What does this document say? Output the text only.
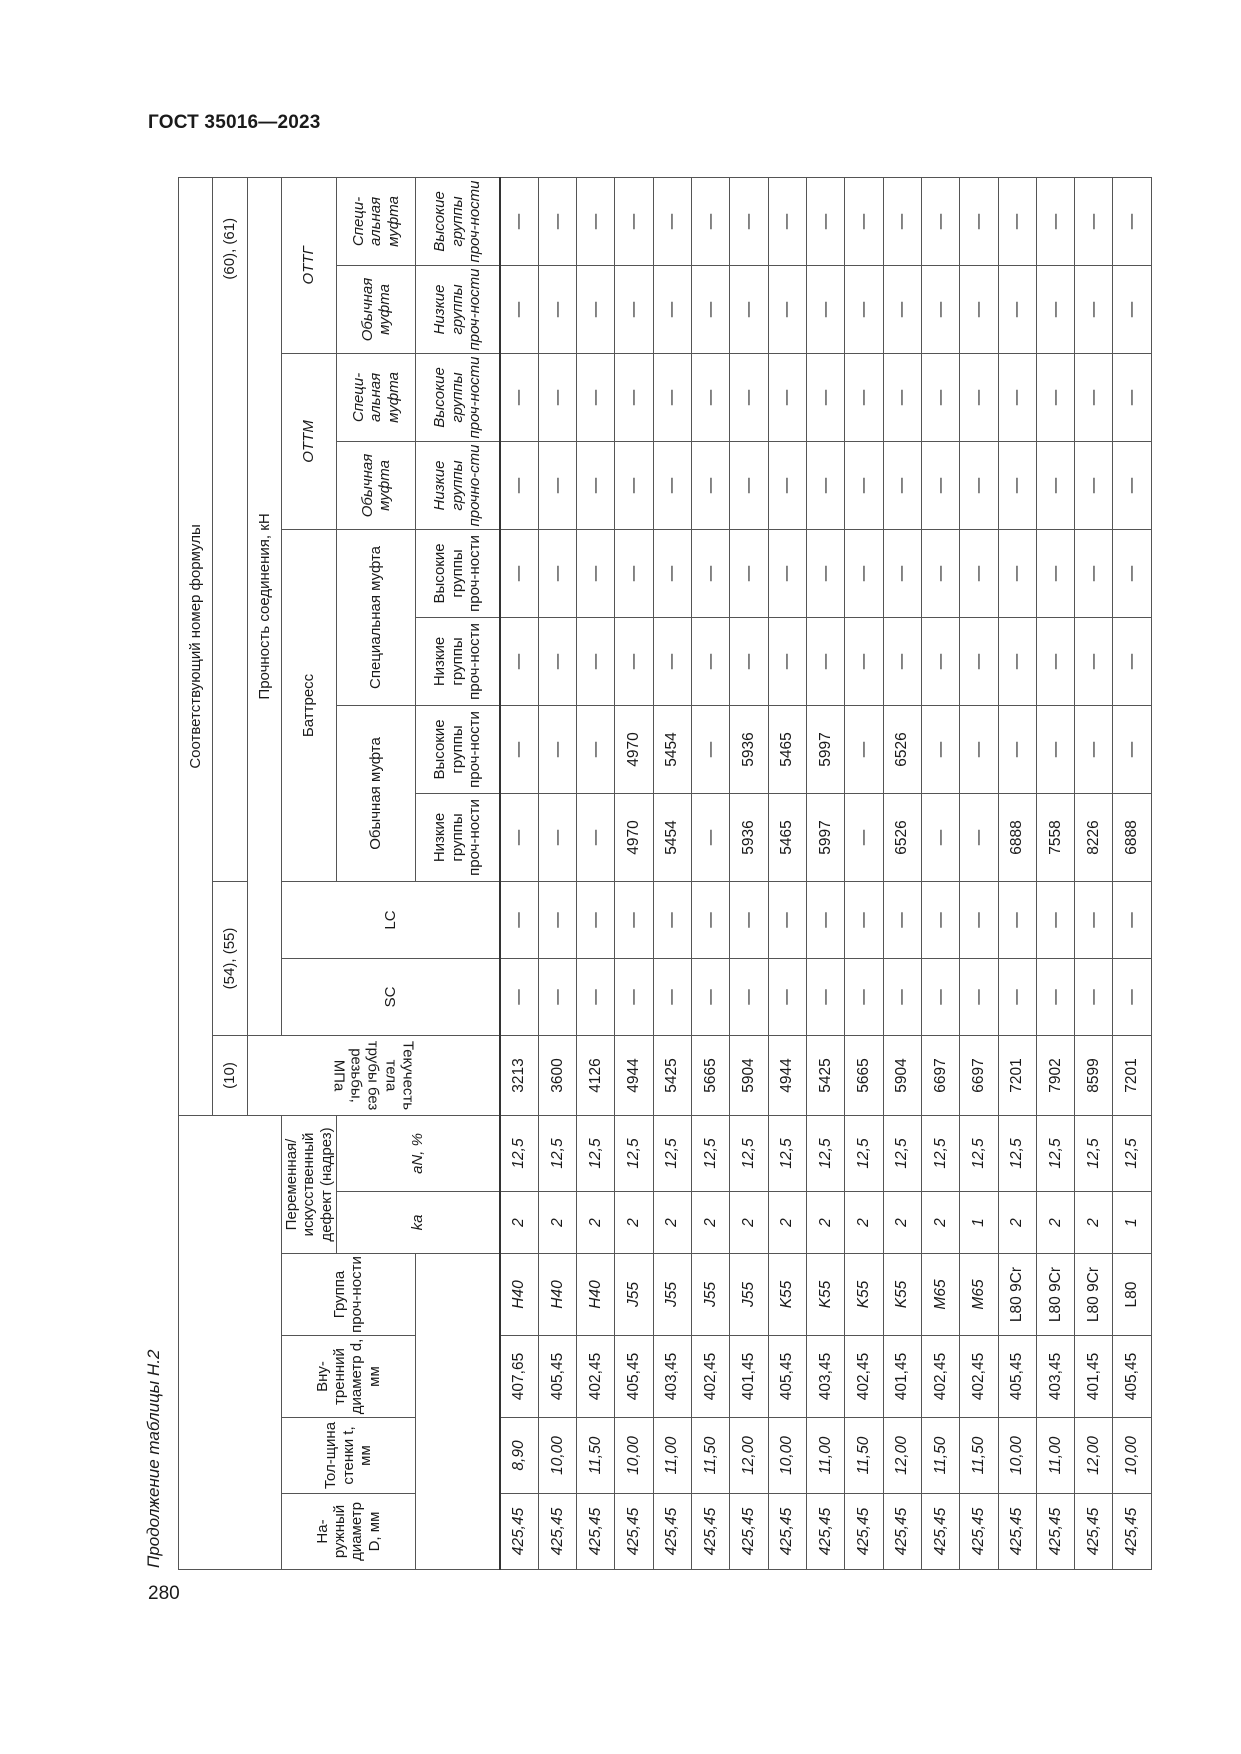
ГОСТ 35016—2023
Продолжение таблицы Н.2
280
						Соответствующий номер формулы										
						(10)	(54), (55)		(60), (61)							
						Текучесть тела трубы без резьбы, МПа	Прочность соединения, кН									
На-ружный диаметр D, мм	Тол-щина стенки t, мм	Вну-тренний диаметр d, мм	Группа проч-ности	Переменная/ искусственный дефект (надрез)			SC	LC	Баттресс				ОТТМ		ОТТГ	
				ka	aN, %				Обычная муфта		Специальная муфта		Обычная муфта	Специ-альная муфта	Обычная муфта	Специ-альная муфта
									Низкие группы проч-ности	Высокие группы проч-ности	Низкие группы проч-ности	Высокие группы проч-ности	Низкие группы прочно-сти	Высокие группы проч-ности	Низкие группы проч-ности	Высокие группы проч-ности
425,45	8,90	407,65	H40	2	12,5	3213	—	—	—	—	—	—	—	—	—	—
425,45	10,00	405,45	H40	2	12,5	3600	—	—	—	—	—	—	—	—	—	—
425,45	11,50	402,45	H40	2	12,5	4126	—	—	—	—	—	—	—	—	—	—
425,45	10,00	405,45	J55	2	12,5	4944	—	—	4970	4970	—	—	—	—	—	—
425,45	11,00	403,45	J55	2	12,5	5425	—	—	5454	5454	—	—	—	—	—	—
425,45	11,50	402,45	J55	2	12,5	5665	—	—	—	—	—	—	—	—	—	—
425,45	12,00	401,45	J55	2	12,5	5904	—	—	5936	5936	—	—	—	—	—	—
425,45	10,00	405,45	K55	2	12,5	4944	—	—	5465	5465	—	—	—	—	—	—
425,45	11,00	403,45	K55	2	12,5	5425	—	—	5997	5997	—	—	—	—	—	—
425,45	11,50	402,45	K55	2	12,5	5665	—	—	—	—	—	—	—	—	—	—
425,45	12,00	401,45	K55	2	12,5	5904	—	—	6526	6526	—	—	—	—	—	—
425,45	11,50	402,45	M65	2	12,5	6697	—	—	—	—	—	—	—	—	—	—
425,45	11,50	402,45	M65	1	12,5	6697	—	—	—	—	—	—	—	—	—	—
425,45	10,00	405,45	L80 9Cr	2	12,5	7201	—	—	6888	—	—	—	—	—	—	—
425,45	11,00	403,45	L80 9Cr	2	12,5	7902	—	—	7558	—	—	—	—	—	—	—
425,45	12,00	401,45	L80 9Cr	2	12,5	8599	—	—	8226	—	—	—	—	—	—	—
425,45	10,00	405,45	L80	1	12,5	7201	—	—	6888	—	—	—	—	—	—	—
